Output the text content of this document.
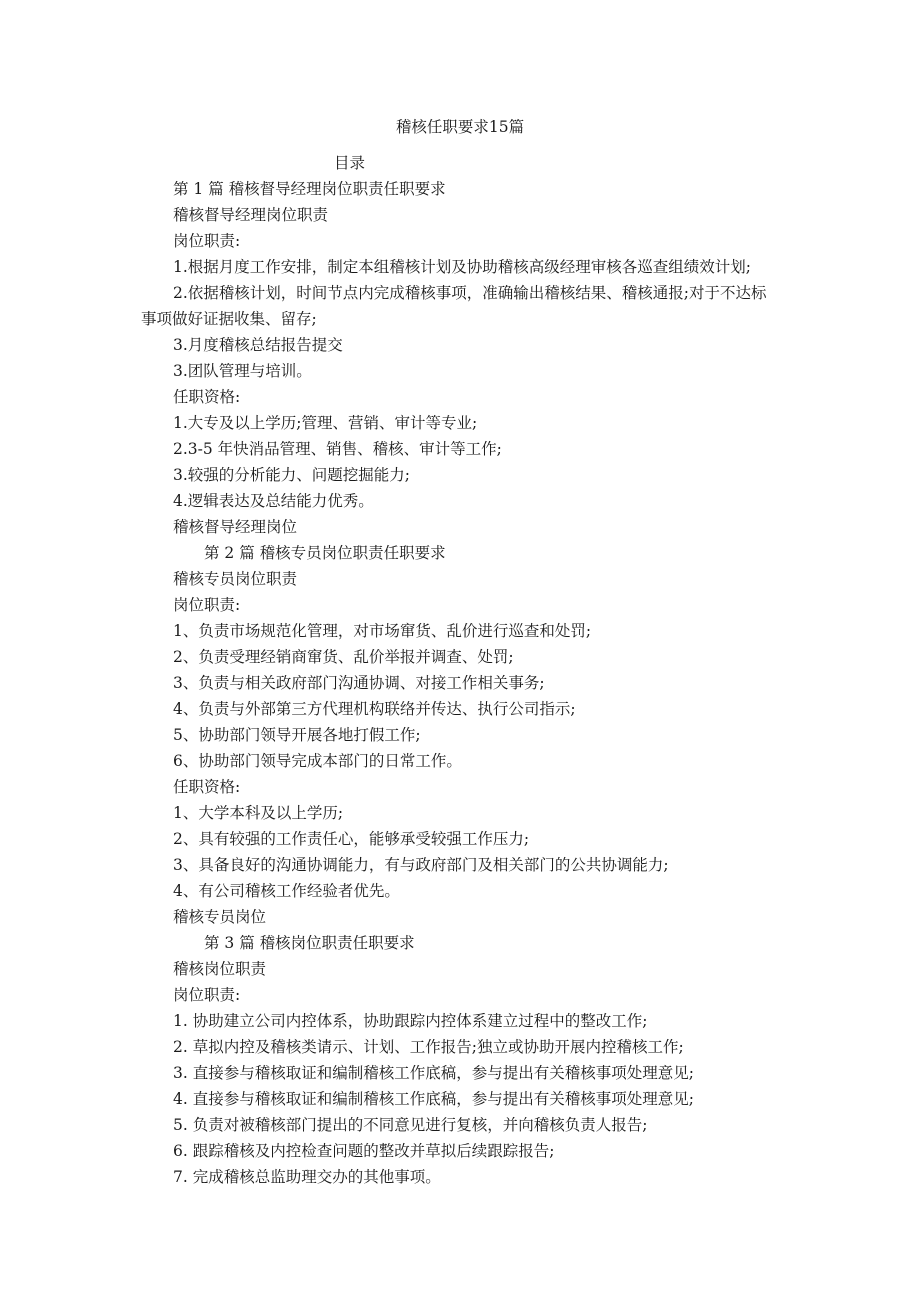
稽核任职要求15篇
目录
第 1 篇 稽核督导经理岗位职责任职要求
稽核督导经理岗位职责
岗位职责:
1.根据月度工作安排，制定本组稽核计划及协助稽核高级经理审核各巡查组绩效计划;
2.依据稽核计划，时间节点内完成稽核事项，准确输出稽核结果、稽核通报;对于不达标
事项做好证据收集、留存;
3.月度稽核总结报告提交
3.团队管理与培训。
任职资格:
1.大专及以上学历;管理、营销、审计等专业;
2.3-5 年快消品管理、销售、稽核、审计等工作;
3.较强的分析能力、问题挖掘能力;
4.逻辑表达及总结能力优秀。
稽核督导经理岗位
第 2 篇 稽核专员岗位职责任职要求
稽核专员岗位职责
岗位职责:
1、负责市场规范化管理，对市场窜货、乱价进行巡查和处罚;
2、负责受理经销商窜货、乱价举报并调查、处罚;
3、负责与相关政府部门沟通协调、对接工作相关事务;
4、负责与外部第三方代理机构联络并传达、执行公司指示;
5、协助部门领导开展各地打假工作;
6、协助部门领导完成本部门的日常工作。
任职资格:
1、大学本科及以上学历;
2、具有较强的工作责任心，能够承受较强工作压力;
3、具备良好的沟通协调能力，有与政府部门及相关部门的公共协调能力;
4、有公司稽核工作经验者优先。
稽核专员岗位
第 3 篇 稽核岗位职责任职要求
稽核岗位职责
岗位职责:
1. 协助建立公司内控体系，协助跟踪内控体系建立过程中的整改工作;
2. 草拟内控及稽核类请示、计划、工作报告;独立或协助开展内控稽核工作;
3. 直接参与稽核取证和编制稽核工作底稿，参与提出有关稽核事项处理意见;
4. 直接参与稽核取证和编制稽核工作底稿，参与提出有关稽核事项处理意见;
5. 负责对被稽核部门提出的不同意见进行复核，并向稽核负责人报告;
6. 跟踪稽核及内控检查问题的整改并草拟后续跟踪报告;
7. 完成稽核总监助理交办的其他事项。
